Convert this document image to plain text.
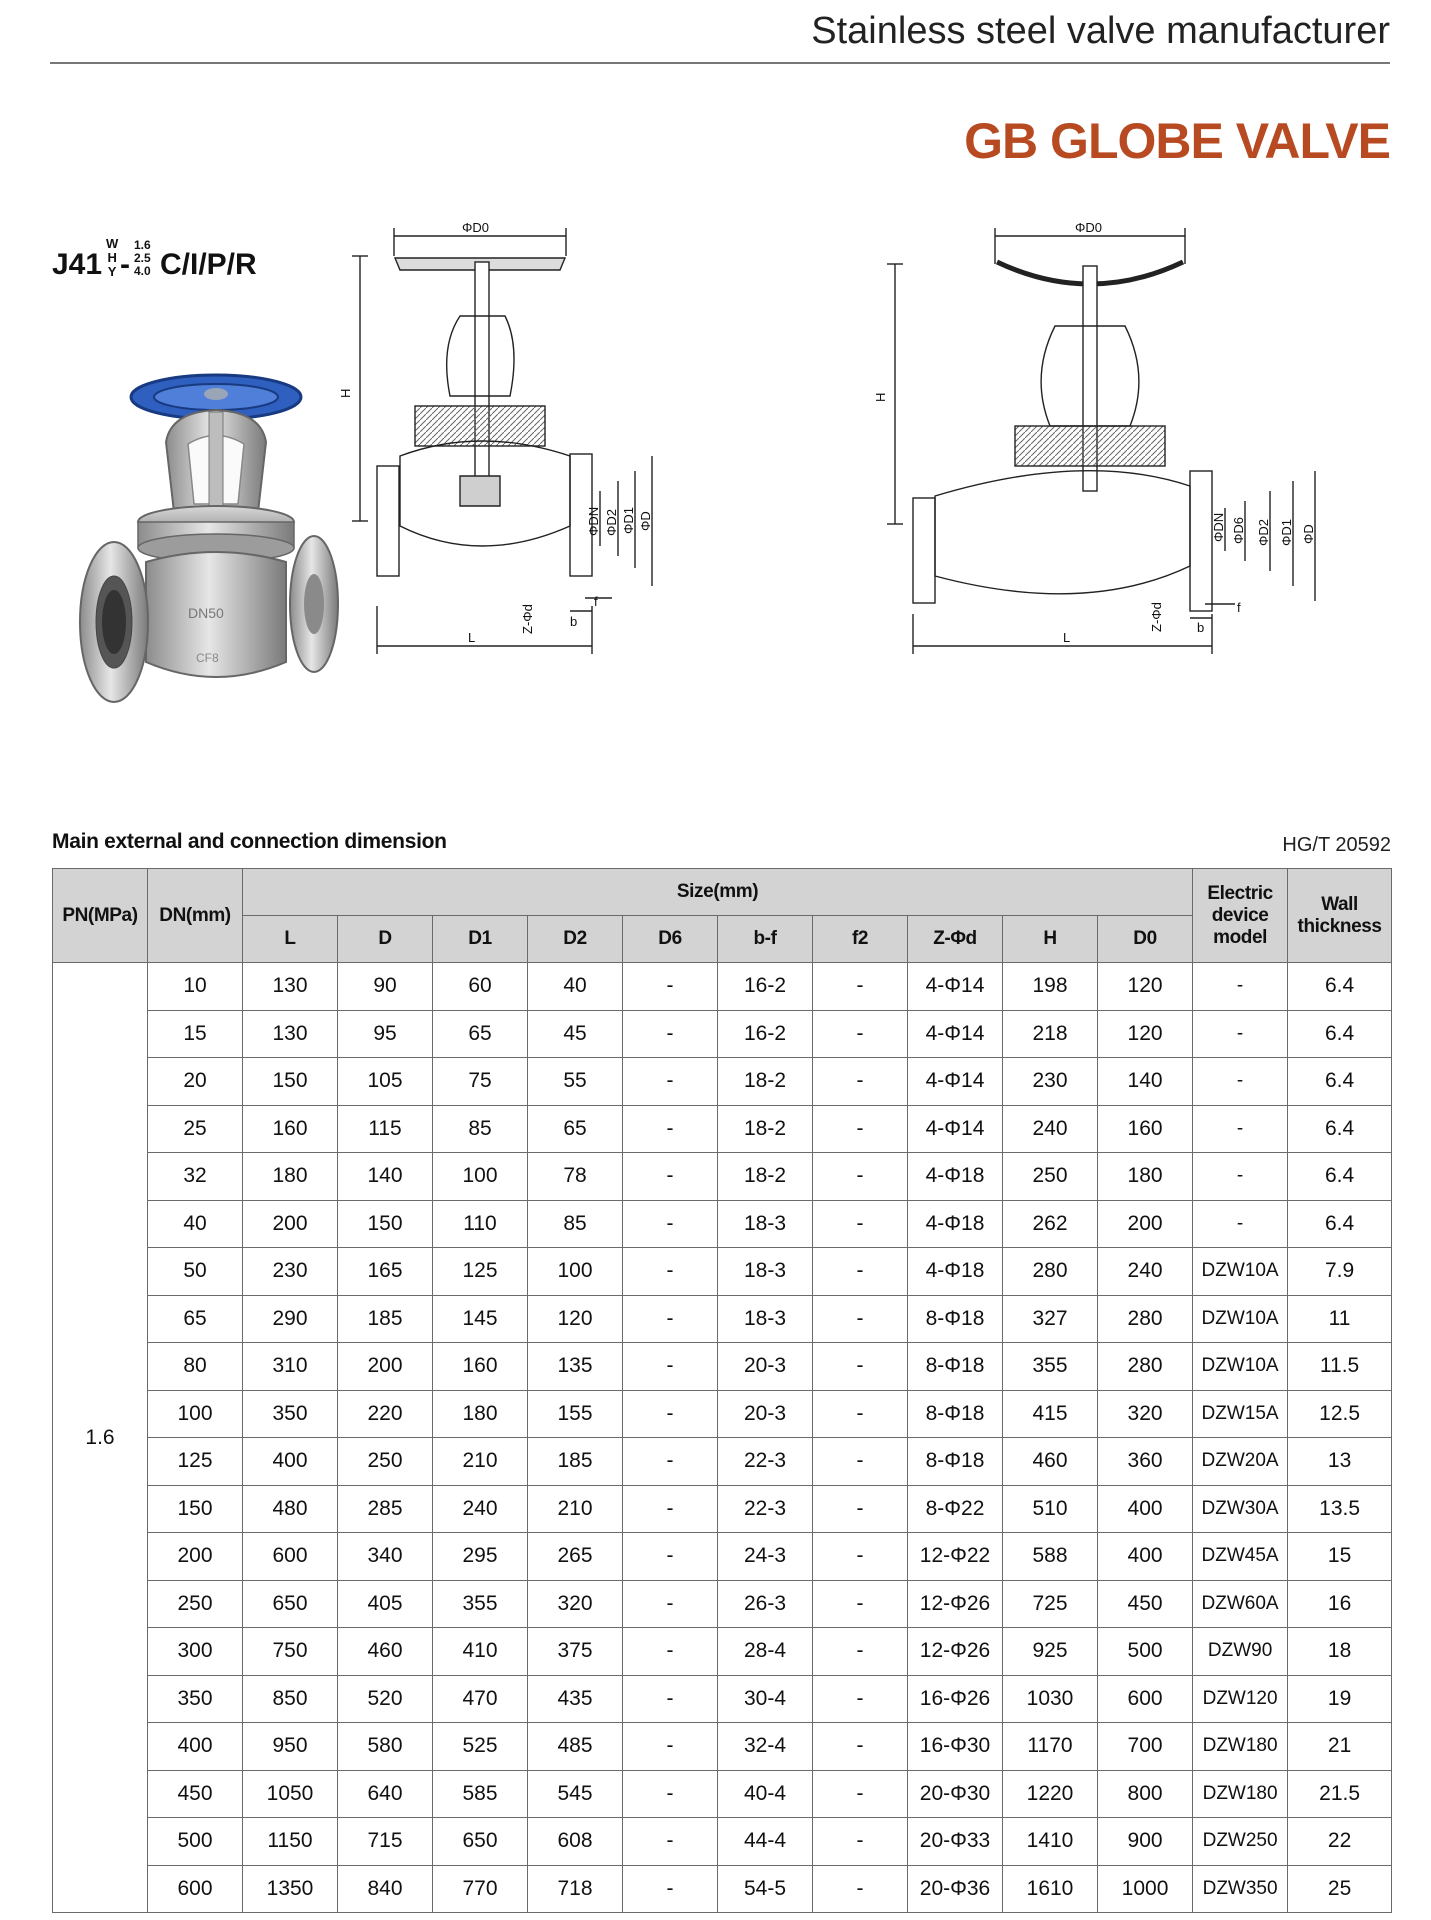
Stainless steel valve manufacturer
GB GLOBE VALVE
J41
W
H
Y -
1.6
2.5
4.0 C/I/P/R
DN50
CF8
ΦD0
H
L
ΦDN ΦD2 ΦD1 ΦD
Z-Φd	b
f
ΦD0
H
L
ΦDN ΦD6 ΦD2 ΦD1 ΦD
Z-Φd	b
f
Main external and connection dimension	HG/T 20592
PN(MPa)	DN(mm)	Size(mm)										Electric device model	Wall thickness
		L	D	D1	D2	D6	b-f	f2	Z-Φd	H	D0		
1.6	10	130	90	60	40	-	16-2	-	4-Φ14	198	120	-	6.4
	15	130	95	65	45	-	16-2	-	4-Φ14	218	120	-	6.4
	20	150	105	75	55	-	18-2	-	4-Φ14	230	140	-	6.4
	25	160	115	85	65	-	18-2	-	4-Φ14	240	160	-	6.4
	32	180	140	100	78	-	18-2	-	4-Φ18	250	180	-	6.4
	40	200	150	110	85	-	18-3	-	4-Φ18	262	200	-	6.4
	50	230	165	125	100	-	18-3	-	4-Φ18	280	240	DZW10A	7.9
	65	290	185	145	120	-	18-3	-	8-Φ18	327	280	DZW10A	11
	80	310	200	160	135	-	20-3	-	8-Φ18	355	280	DZW10A	11.5
	100	350	220	180	155	-	20-3	-	8-Φ18	415	320	DZW15A	12.5
	125	400	250	210	185	-	22-3	-	8-Φ18	460	360	DZW20A	13
	150	480	285	240	210	-	22-3	-	8-Φ22	510	400	DZW30A	13.5
	200	600	340	295	265	-	24-3	-	12-Φ22	588	400	DZW45A	15
	250	650	405	355	320	-	26-3	-	12-Φ26	725	450	DZW60A	16
	300	750	460	410	375	-	28-4	-	12-Φ26	925	500	DZW90	18
	350	850	520	470	435	-	30-4	-	16-Φ26	1030	600	DZW120	19
	400	950	580	525	485	-	32-4	-	16-Φ30	1170	700	DZW180	21
	450	1050	640	585	545	-	40-4	-	20-Φ30	1220	800	DZW180	21.5
	500	1150	715	650	608	-	44-4	-	20-Φ33	1410	900	DZW250	22
	600	1350	840	770	718	-	54-5	-	20-Φ36	1610	1000	DZW350	25
